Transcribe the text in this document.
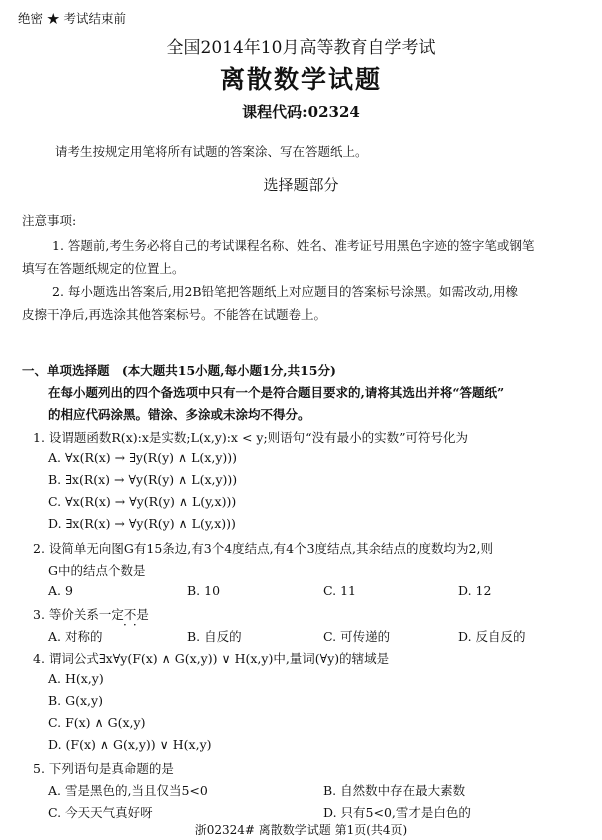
绝密 ★ 考试结束前
全国2014年10月高等教育自学考试
离散数学试题
课程代码:02324
请考生按规定用笔将所有试题的答案涂、写在答题纸上。
选择题部分
注意事项:
1. 答题前,考生务必将自己的考试课程名称、姓名、准考证号用黑色字迹的签字笔或钢笔
填写在答题纸规定的位置上。
2. 每小题选出答案后,用2B铅笔把答题纸上对应题目的答案标号涂黑。如需改动,用橡
皮擦干净后,再选涂其他答案标号。不能答在试题卷上。
一、单项选择题 (本大题共15小题,每小题1分,共15分)
在每小题列出的四个备选项中只有一个是符合题目要求的,请将其选出并将“答题纸”
的相应代码涂黑。错涂、多涂或未涂均不得分。
1. 设谓题函数R(x):x是实数;L(x,y):x < y;则语句“没有最小的实数”可符号化为
A. ∀x(R(x) → ∃y(R(y) ∧ L(x,y)))
B. ∃x(R(x) → ∀y(R(y) ∧ L(x,y)))
C. ∀x(R(x) → ∀y(R(y) ∧ L(y,x)))
D. ∃x(R(x) → ∀y(R(y) ∧ L(y,x)))
2. 设简单无向图G有15条边,有3个4度结点,有4个3度结点,其余结点的度数均为2,则
G中的结点个数是
A. 9	B. 10	C. 11	D. 12
3. 等价关系一定不是
··
A. 对称的	B. 自反的	C. 可传递的	D. 反自反的
4. 谓词公式∃x∀y(F(x) ∧ G(x,y)) ∨ H(x,y)中,量词(∀y)的辖域是
A. H(x,y)
B. G(x,y)
C. F(x) ∧ G(x,y)
D. (F(x) ∧ G(x,y)) ∨ H(x,y)
5. 下列语句是真命题的是
A. 雪是黑色的,当且仅当5<0	B. 自然数中存在最大素数
C. 今天天气真好呀	D. 只有5<0,雪才是白色的
浙02324# 离散数学试题 第1页(共4页)
